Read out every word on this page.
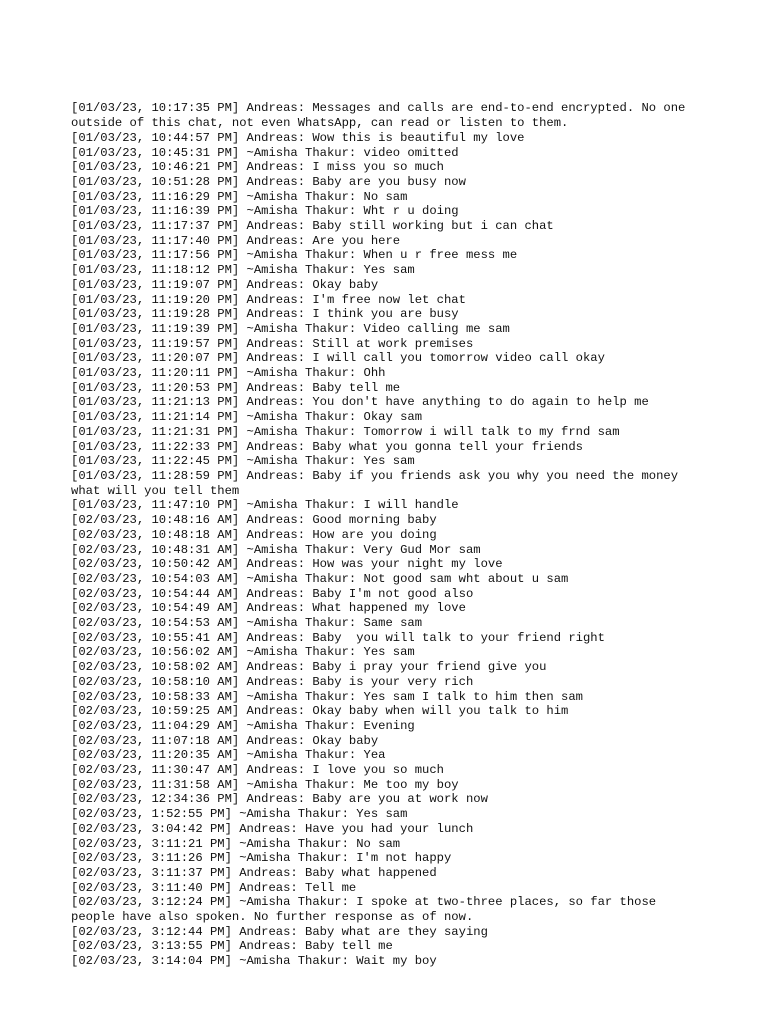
[01/03/23, 10:17:35 PM] Andreas: Messages and calls are end-to-end encrypted. No one outside of this chat, not even WhatsApp, can read or listen to them.
[01/03/23, 10:44:57 PM] Andreas: Wow this is beautiful my love
[01/03/23, 10:45:31 PM] ~Amisha Thakur: video omitted
[01/03/23, 10:46:21 PM] Andreas: I miss you so much
[01/03/23, 10:51:28 PM] Andreas: Baby are you busy now
[01/03/23, 11:16:29 PM] ~Amisha Thakur: No sam
[01/03/23, 11:16:39 PM] ~Amisha Thakur: Wht r u doing
[01/03/23, 11:17:37 PM] Andreas: Baby still working but i can chat
[01/03/23, 11:17:40 PM] Andreas: Are you here
[01/03/23, 11:17:56 PM] ~Amisha Thakur: When u r free mess me
[01/03/23, 11:18:12 PM] ~Amisha Thakur: Yes sam
[01/03/23, 11:19:07 PM] Andreas: Okay baby
[01/03/23, 11:19:20 PM] Andreas: I'm free now let chat
[01/03/23, 11:19:28 PM] Andreas: I think you are busy
[01/03/23, 11:19:39 PM] ~Amisha Thakur: Video calling me sam
[01/03/23, 11:19:57 PM] Andreas: Still at work premises
[01/03/23, 11:20:07 PM] Andreas: I will call you tomorrow video call okay
[01/03/23, 11:20:11 PM] ~Amisha Thakur: Ohh
[01/03/23, 11:20:53 PM] Andreas: Baby tell me
[01/03/23, 11:21:13 PM] Andreas: You don't have anything to do again to help me
[01/03/23, 11:21:14 PM] ~Amisha Thakur: Okay sam
[01/03/23, 11:21:31 PM] ~Amisha Thakur: Tomorrow i will talk to my frnd sam
[01/03/23, 11:22:33 PM] Andreas: Baby what you gonna tell your friends
[01/03/23, 11:22:45 PM] ~Amisha Thakur: Yes sam
[01/03/23, 11:28:59 PM] Andreas: Baby if you friends ask you why you need the money what will you tell them
[01/03/23, 11:47:10 PM] ~Amisha Thakur: I will handle
[02/03/23, 10:48:16 AM] Andreas: Good morning baby
[02/03/23, 10:48:18 AM] Andreas: How are you doing
[02/03/23, 10:48:31 AM] ~Amisha Thakur: Very Gud Mor sam
[02/03/23, 10:50:42 AM] Andreas: How was your night my love
[02/03/23, 10:54:03 AM] ~Amisha Thakur: Not good sam wht about u sam
[02/03/23, 10:54:44 AM] Andreas: Baby I'm not good also
[02/03/23, 10:54:49 AM] Andreas: What happened my love
[02/03/23, 10:54:53 AM] ~Amisha Thakur: Same sam
[02/03/23, 10:55:41 AM] Andreas: Baby  you will talk to your friend right
[02/03/23, 10:56:02 AM] ~Amisha Thakur: Yes sam
[02/03/23, 10:58:02 AM] Andreas: Baby i pray your friend give you
[02/03/23, 10:58:10 AM] Andreas: Baby is your very rich
[02/03/23, 10:58:33 AM] ~Amisha Thakur: Yes sam I talk to him then sam
[02/03/23, 10:59:25 AM] Andreas: Okay baby when will you talk to him
[02/03/23, 11:04:29 AM] ~Amisha Thakur: Evening
[02/03/23, 11:07:18 AM] Andreas: Okay baby
[02/03/23, 11:20:35 AM] ~Amisha Thakur: Yea
[02/03/23, 11:30:47 AM] Andreas: I love you so much
[02/03/23, 11:31:58 AM] ~Amisha Thakur: Me too my boy
[02/03/23, 12:34:36 PM] Andreas: Baby are you at work now
[02/03/23, 1:52:55 PM] ~Amisha Thakur: Yes sam
[02/03/23, 3:04:42 PM] Andreas: Have you had your lunch
[02/03/23, 3:11:21 PM] ~Amisha Thakur: No sam
[02/03/23, 3:11:26 PM] ~Amisha Thakur: I'm not happy
[02/03/23, 3:11:37 PM] Andreas: Baby what happened
[02/03/23, 3:11:40 PM] Andreas: Tell me
[02/03/23, 3:12:24 PM] ~Amisha Thakur: I spoke at two-three places, so far those people have also spoken. No further response as of now.
[02/03/23, 3:12:44 PM] Andreas: Baby what are they saying
[02/03/23, 3:13:55 PM] Andreas: Baby tell me
[02/03/23, 3:14:04 PM] ~Amisha Thakur: Wait my boy
